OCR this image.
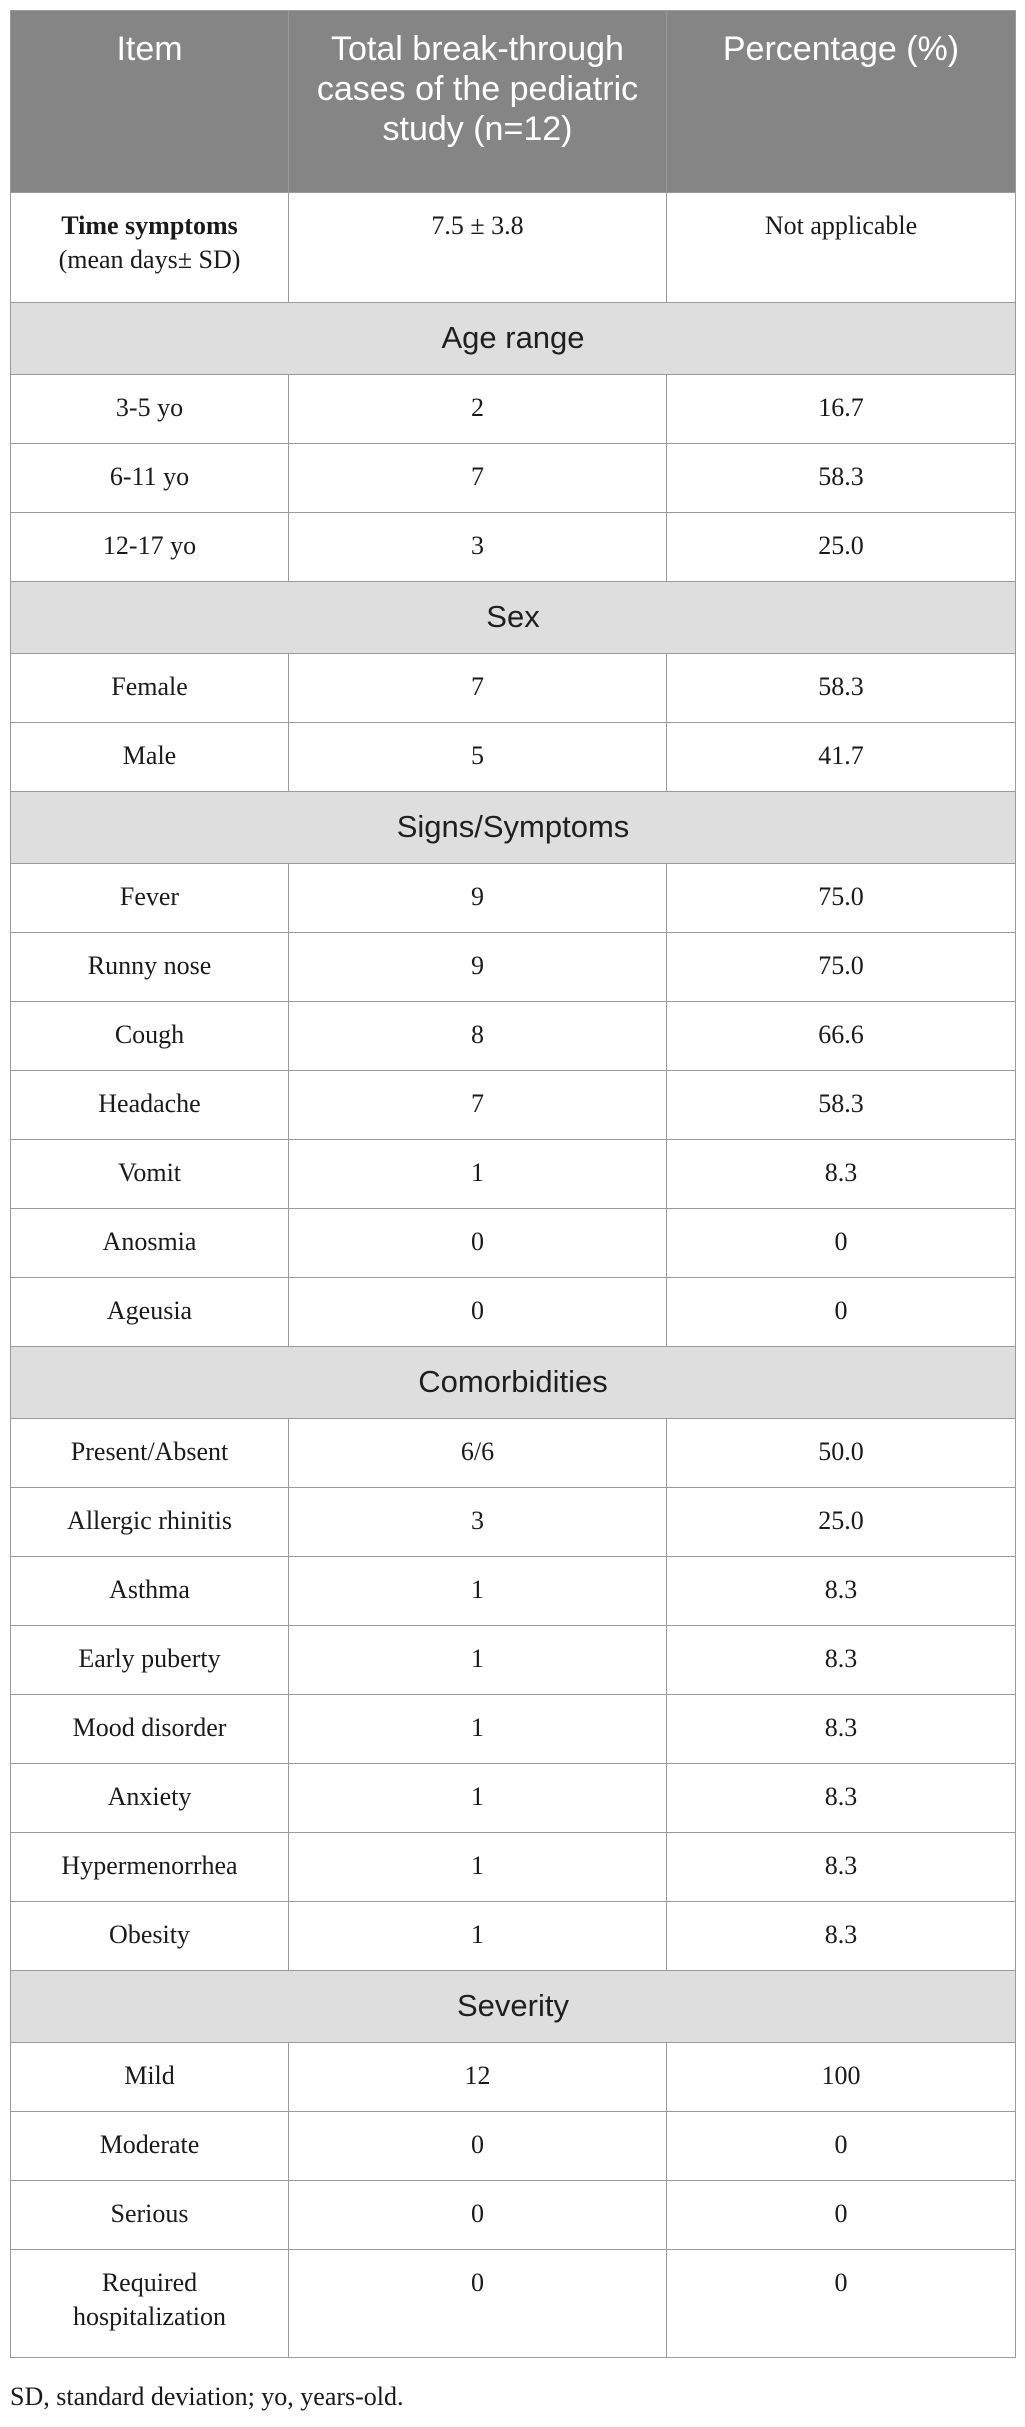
Item	Total break-through cases of the pediatric study (n=12)	Percentage (%)
Time symptoms
(mean days± SD)	7.5 ± 3.8	Not applicable
Age range		
3-5 yo	2	16.7
6-11 yo	7	58.3
12-17 yo	3	25.0
Sex		
Female	7	58.3
Male	5	41.7
Signs/Symptoms		
Fever	9	75.0
Runny nose	9	75.0
Cough	8	66.6
Headache	7	58.3
Vomit	1	8.3
Anosmia	0	0
Ageusia	0	0
Comorbidities		
Present/Absent	6/6	50.0
Allergic rhinitis	3	25.0
Asthma	1	8.3
Early puberty	1	8.3
Mood disorder	1	8.3
Anxiety	1	8.3
Hypermenorrhea	1	8.3
Obesity	1	8.3
Severity		
Mild	12	100
Moderate	0	0
Serious	0	0
Required
hospitalization	0	0
SD, standard deviation; yo, years-old.
